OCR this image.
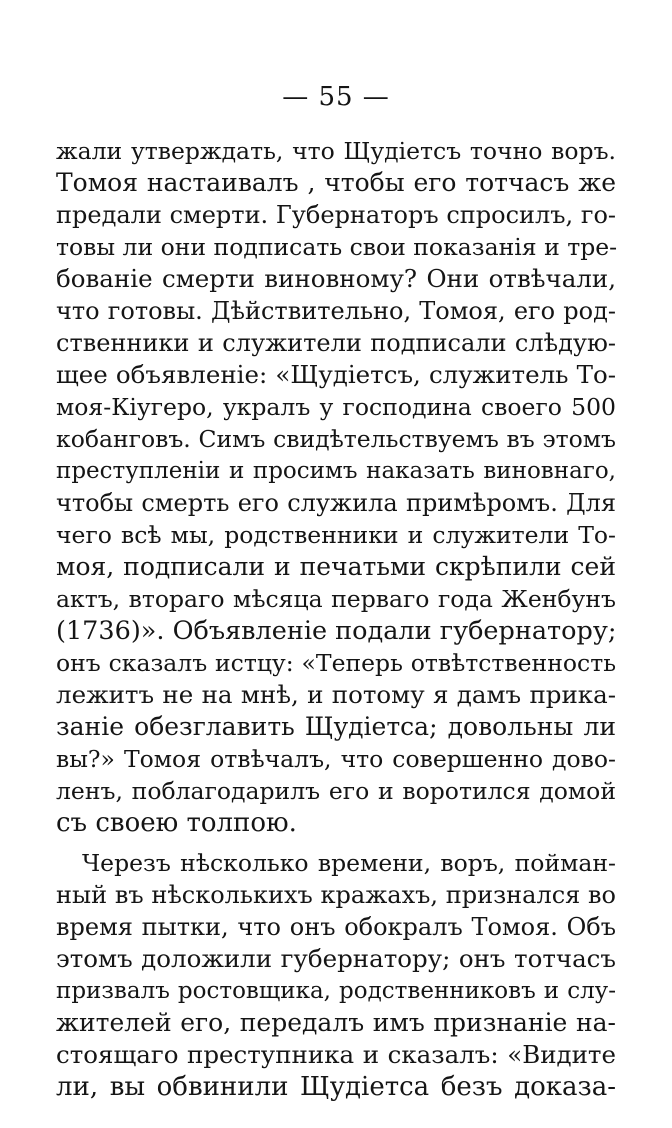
— 55 —
жали утверждать, что Щудіетсъ точно воръ.
Томоя настаивалъ , чтобы его тотчасъ же
предали смерти. Губернаторъ спросилъ, го-
товы ли они подписать свои показанія и тре-
бованіе смерти виновному? Они отвѣчали,
что готовы. Дѣйствительно, Томоя, его род-
ственники и служители подписали слѣдую-
щее объявленіе: «Щудіетсъ, служитель То-
моя-Кіугеро, укралъ у господина своего 500
кобанговъ. Симъ свидѣтельствуемъ въ этомъ
преступленіи и просимъ наказать виновнаго,
чтобы смерть его служила примѣромъ. Для
чего всѣ мы, родственники и служители То-
моя, подписали и печатьми скрѣпили сей
актъ, втораго мѣсяца перваго года Женбунъ
(1736)». Объявленіе подали губернатору;
онъ сказалъ истцу: «Теперь отвѣтственность
лежитъ не на мнѣ, и потому я дамъ прика-
заніе обезглавить Щудіетса; довольны ли
вы?» Томоя отвѣчалъ, что совершенно дово-
ленъ, поблагодарилъ его и воротился домой
съ своею толпою.
Черезъ нѣсколько времени, воръ, пойман-
ный въ нѣсколькихъ кражахъ, признался во
время пытки, что онъ обокралъ Томоя. Объ
этомъ доложили губернатору; онъ тотчасъ
призвалъ ростовщика, родственниковъ и слу-
жителей его, передалъ имъ признаніе на-
стоящаго преступника и сказалъ: «Видите
ли, вы обвинили Щудіетса безъ доказа-
